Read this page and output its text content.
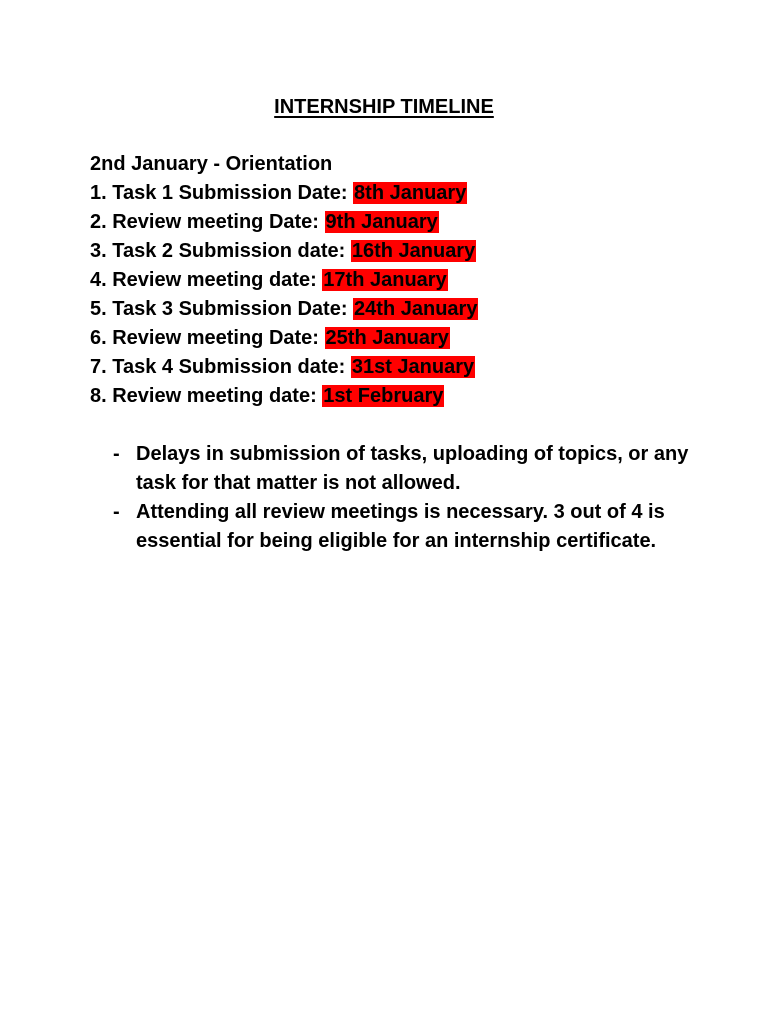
INTERNSHIP TIMELINE
2nd January - Orientation
1. Task 1 Submission Date: 8th January
2. Review meeting Date: 9th January
3. Task 2 Submission date: 16th January
4. Review meeting date: 17th January
5. Task 3 Submission Date: 24th January
6. Review meeting Date: 25th January
7. Task 4 Submission date: 31st January
8. Review meeting date: 1st February
- Delays in submission of tasks, uploading of topics, or any task for that matter is not allowed.
- Attending all review meetings is necessary. 3 out of 4 is essential for being eligible for an internship certificate.
